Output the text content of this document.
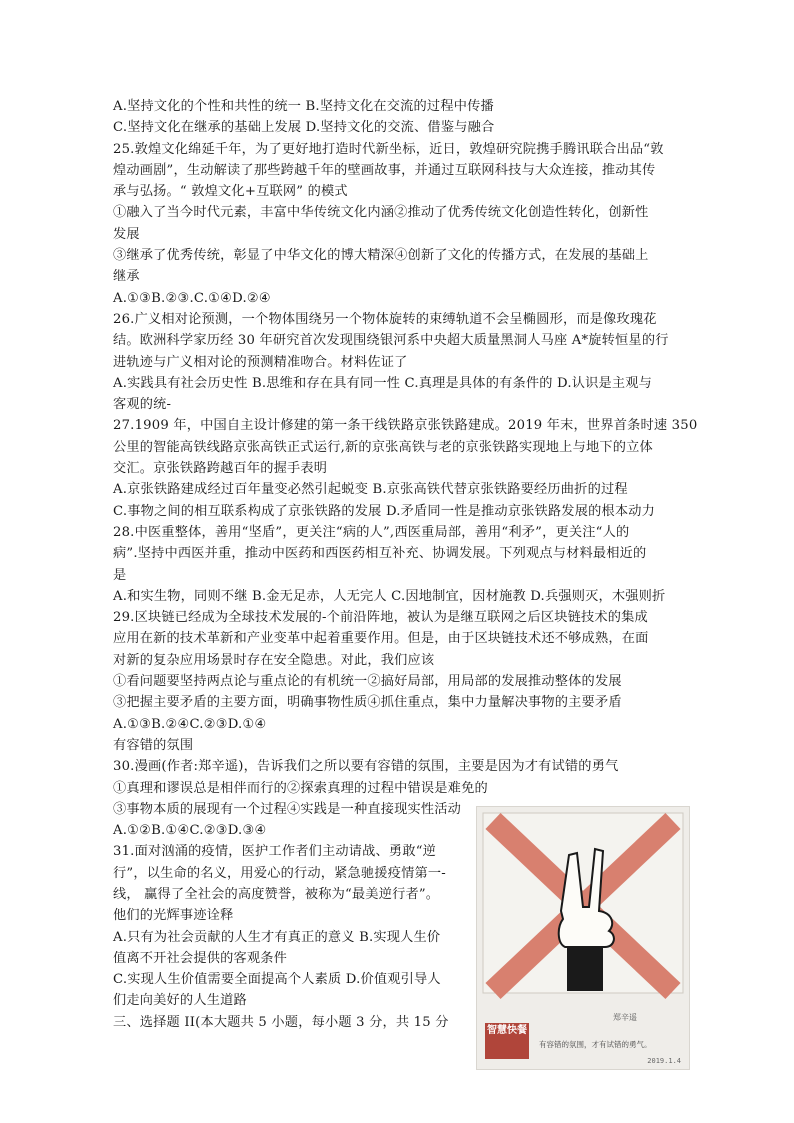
A.坚持文化的个性和共性的统一 B.坚持文化在交流的过程中传播
C.坚持文化在继承的基础上发展 D.坚持文化的交流、借鉴与融合
25.敦煌文化绵延千年，为了更好地打造时代新坐标，近日，敦煌研究院携手腾讯联合出品“敦
煌动画剧”，生动解读了那些跨越千年的壁画故事，并通过互联网科技与大众连接，推动其传
承与弘扬。“ 敦煌文化+互联网” 的模式
①融入了当今时代元素，丰富中华传统文化内涵②推动了优秀传统文化创造性转化，创新性
发展
③继承了优秀传统，彰显了中华文化的博大精深④创新了文化的传播方式，在发展的基础上
继承
A.①③B.②③.C.①④D.②④
26.广义相对论预测，一个物体围绕另一个物体旋转的束缚轨道不会呈椭圆形，而是像玫瑰花
结。欧洲科学家历经 30 年研究首次发现围绕银河系中央超大质量黑洞人马座 A*旋转恒星的行
进轨迹与广义相对论的预测精准吻合。材料佐证了
A.实践具有社会历史性 B.思维和存在具有同一性 C.真理是具体的有条件的 D.认识是主观与
客观的统-
27.1909 年，中国自主设计修建的第一条干线铁路京张铁路建成。2019 年末，世界首条时速 350
公里的智能高铁线路京张高铁正式运行,新的京张高铁与老的京张铁路实现地上与地下的立体
交汇。京张铁路跨越百年的握手表明
A.京张铁路建成经过百年量变必然引起蜕变 B.京张高铁代替京张铁路要经历曲折的过程
C.事物之间的相互联系构成了京张铁路的发展 D.矛盾同一性是推动京张铁路发展的根本动力
28.中医重整体，善用“坚盾”，更关注“病的人”,西医重局部，善用“利矛”，更关注“人的
病”.坚持中西医并重，推动中医药和西医药相互补充、协调发展。下列观点与材料最相近的
是
A.和实生物，同则不继 B.金无足赤，人无完人 C.因地制宜，因材施教 D.兵强则灭，木强则折
29.区块链已经成为全球技术发展的-个前沿阵地，被认为是继互联网之后区块链技术的集成
应用在新的技术革新和产业变革中起着重要作用。但是，由于区块链技术还不够成熟，在面
对新的复杂应用场景时存在安全隐患。对此，我们应该
①看问题要坚持两点论与重点论的有机统一②搞好局部，用局部的发展推动整体的发展
③把握主要矛盾的主要方面，明确事物性质④抓住重点，集中力量解决事物的主要矛盾
A.①③B.②④C.②③D.①④
有容错的氛围
30.漫画(作者:郑辛遥)，告诉我们之所以要有容错的氛围，主要是因为才有试错的勇气
①真理和谬误总是相伴而行的②探索真理的过程中错误是难免的
③事物本质的展现有一个过程④实践是一种直接现实性活动
A.①②B.①④C.②③D.③④
31.面对汹涌的疫情，医护工作者们主动请战、勇敢“逆
行”，以生命的名义，用爱心的行动，紧急驰援疫情第一-
线， 赢得了全社会的高度赞誉，被称为“最美逆行者”。
他们的光辉事迹诠释
A.只有为社会贡献的人生才有真正的意义 B.实现人生价
值离不开社会提供的客观条件
C.实现人生价值需要全面提高个人素质 D.价值观引导人
们走向美好的人生道路
三、选择题 II(本大题共 5 小题，每小题 3 分，共 15 分
智慧快餐
郑辛遥
有容错的氛围，才有试错的勇气。
2019.1.4
